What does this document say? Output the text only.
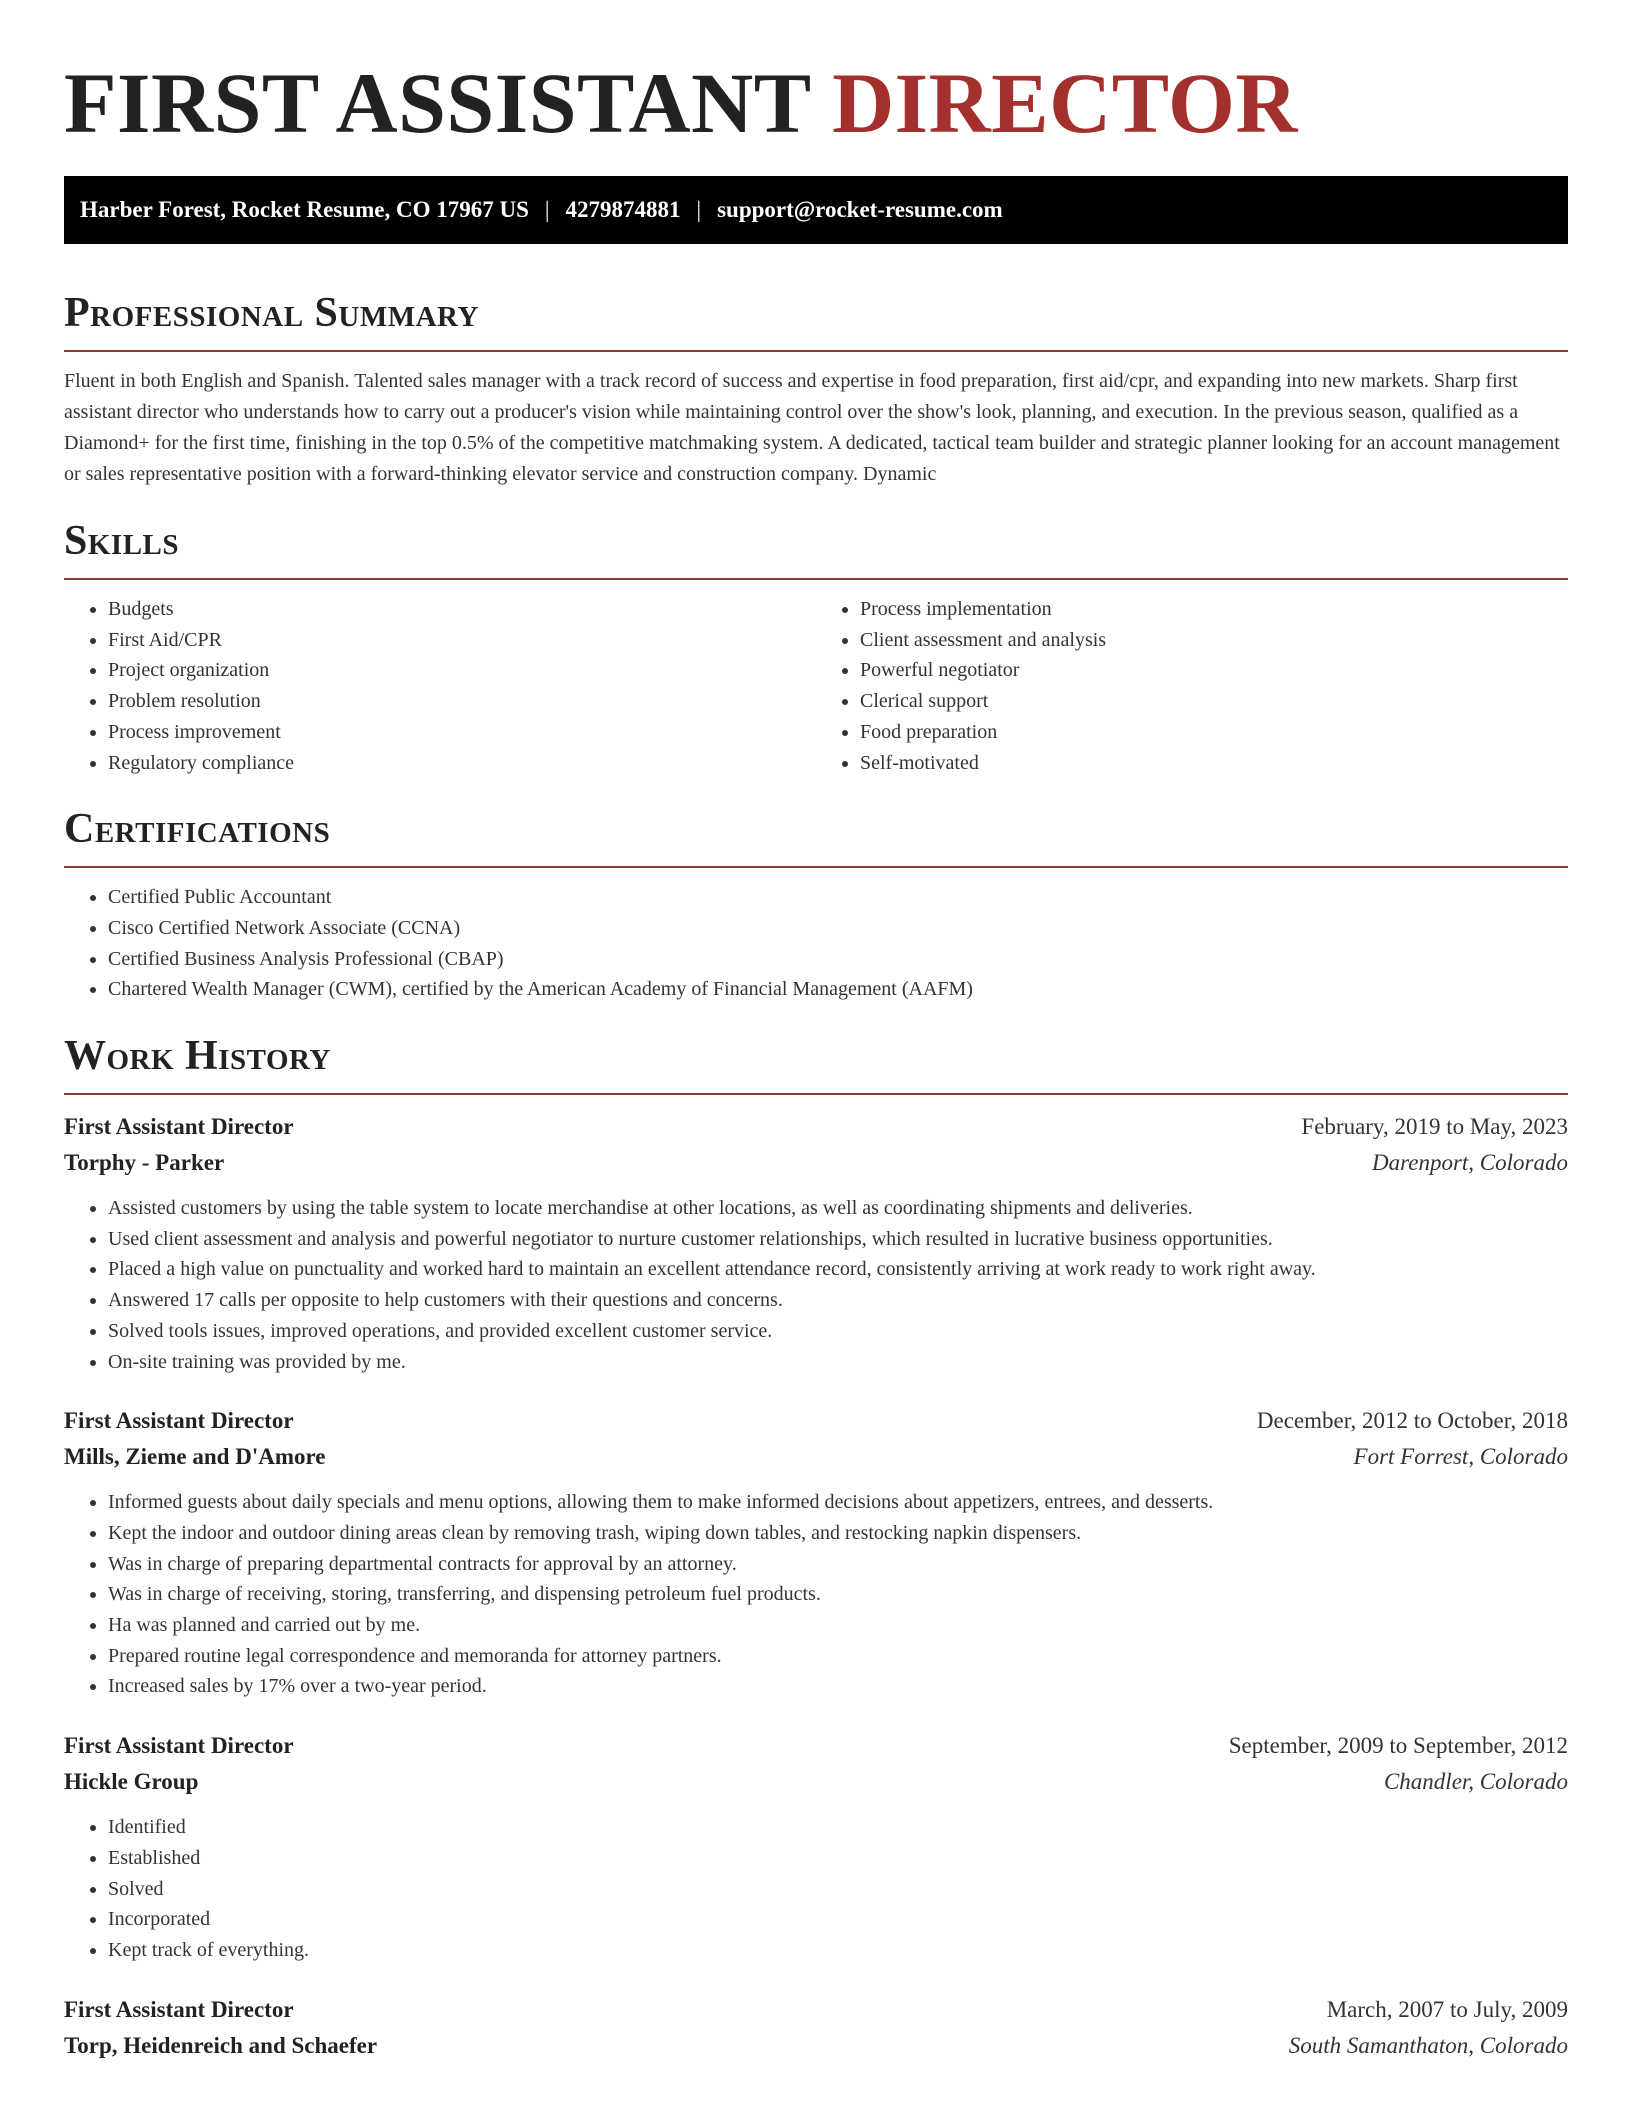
FIRST ASSISTANT DIRECTOR
Harber Forest, Rocket Resume, CO 17967 US | 4279874881 | support@rocket-resume.com
Professional Summary

Fluent in both English and Spanish. Talented sales manager with a track record of success and expertise in food preparation, first aid/cpr, and expanding into new markets. Sharp first assistant director who understands how to carry out a producer's vision while maintaining control over the show's look, planning, and execution. In the previous season, qualified as a Diamond+ for the first time, finishing in the top 0.5% of the competitive matchmaking system. A dedicated, tactical team builder and strategic planner looking for an account management or sales representative position with a forward-thinking elevator service and construction company. Dynamic

Skills
• Budgets
• First Aid/CPR
• Project organization
• Problem resolution
• Process improvement
• Regulatory compliance
• Process implementation
• Client assessment and analysis
• Powerful negotiator
• Clerical support
• Food preparation
• Self-motivated
Certifications
• Certified Public Accountant
• Cisco Certified Network Associate (CCNA)
• Certified Business Analysis Professional (CBAP)
• Chartered Wealth Manager (CWM), certified by the American Academy of Financial Management (AAFM)
Work History
First Assistant Director	February, 2019 to May, 2023
Torphy - Parker	Darenport, Colorado
• Assisted customers by using the table system to locate merchandise at other locations, as well as coordinating shipments and deliveries.
• Used client assessment and analysis and powerful negotiator to nurture customer relationships, which resulted in lucrative business opportunities.
• Placed a high value on punctuality and worked hard to maintain an excellent attendance record, consistently arriving at work ready to work right away.
• Answered 17 calls per opposite to help customers with their questions and concerns.
• Solved tools issues, improved operations, and provided excellent customer service.
• On-site training was provided by me.
First Assistant Director	December, 2012 to October, 2018
Mills, Zieme and D'Amore	Fort Forrest, Colorado
• Informed guests about daily specials and menu options, allowing them to make informed decisions about appetizers, entrees, and desserts.
• Kept the indoor and outdoor dining areas clean by removing trash, wiping down tables, and restocking napkin dispensers.
• Was in charge of preparing departmental contracts for approval by an attorney.
• Was in charge of receiving, storing, transferring, and dispensing petroleum fuel products.
• Ha was planned and carried out by me.
• Prepared routine legal correspondence and memoranda for attorney partners.
• Increased sales by 17% over a two-year period.
First Assistant Director	September, 2009 to September, 2012
Hickle Group	Chandler, Colorado
• Identified
• Established
• Solved
• Incorporated
• Kept track of everything.
First Assistant Director	March, 2007 to July, 2009
Torp, Heidenreich and Schaefer	South Samanthaton, Colorado
